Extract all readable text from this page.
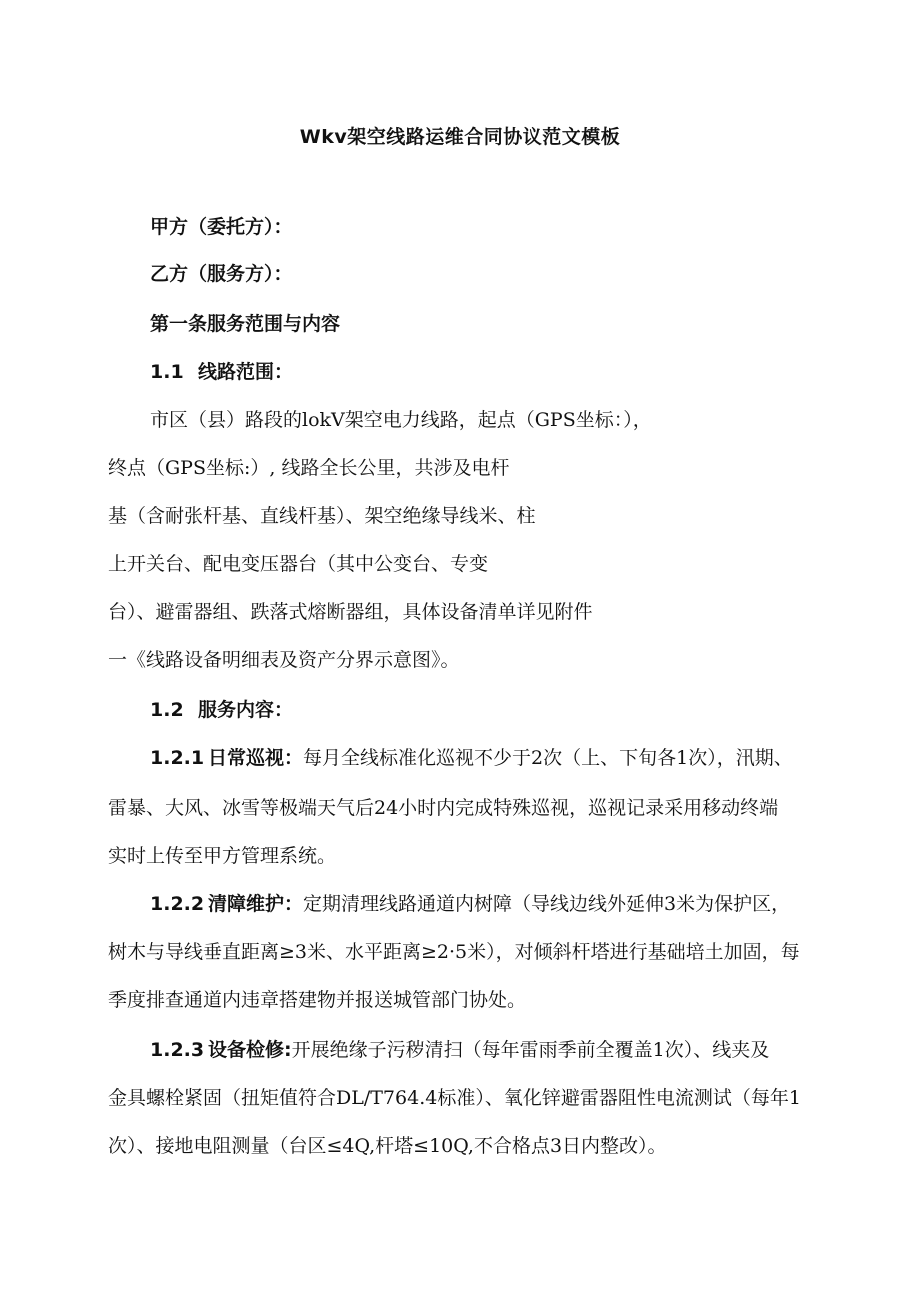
Wkv架空线路运维合同协议范文模板
甲方（委托方）：
乙方（服务方）：
第一条服务范围与内容
1.1 线路范围：
市区（县）路段的lokV架空电力线路，起点（GPS坐标：），
终点（GPS坐标:）, 线路全长公里，共涉及电杆
基（含耐张杆基、直线杆基）、架空绝缘导线米、柱
上开关台、配电变压器台（其中公变台、专变
台）、避雷器组、跌落式熔断器组，具体设备清单详见附件
一《线路设备明细表及资产分界示意图》。
1.2 服务内容：
1.2.1 日常巡视：每月全线标准化巡视不少于2次（上、下旬各1次），汛期、
雷暴、大风、冰雪等极端天气后24小时内完成特殊巡视，巡视记录采用移动终端
实时上传至甲方管理系统。
1.2.2 清障维护：定期清理线路通道内树障（导线边线外延伸3米为保护区，
树木与导线垂直距离≥3米、水平距离≥2·5米），对倾斜杆塔进行基础培土加固，每
季度排查通道内违章搭建物并报送城管部门协处。
1.2.3 设备检修:开展绝缘子污秽清扫（每年雷雨季前全覆盖1次）、线夹及
金具螺栓紧固（扭矩值符合DL/T764.4标准）、氧化锌避雷器阻性电流测试（每年1
次）、接地电阻测量（台区≤4Q,杆塔≤10Q,不合格点3日内整改）。
